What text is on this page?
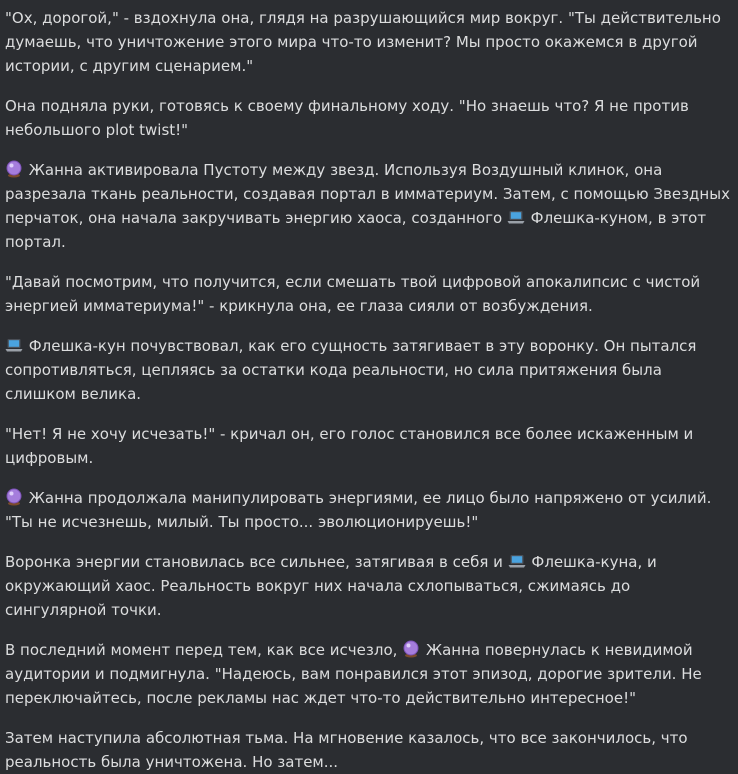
"Ох, дорогой," - вздохнула она, глядя на разрушающийся мир вокруг. "Ты действительно думаешь, что уничтожение этого мира что-то изменит? Мы просто окажемся в другой истории, с другим сценарием."

Она подняла руки, готовясь к своему финальному ходу. "Но знаешь что? Я не против небольшого plot twist!"

Жанна активировала Пустоту между звезд. Используя Воздушный клинок, она разрезала ткань реальности, создавая портал в имматериум. Затем, с помощью Звездных перчаток, она начала закручивать энергию хаоса, созданного
Флешка-куном, в этот портал.

"Давай посмотрим, что получится, если смешать твой цифровой апокалипсис с чистой энергией имматериума!" - крикнула она, ее глаза сияли от возбуждения.

Флешка-кун почувствовал, как его сущность затягивает в эту воронку. Он пытался сопротивляться, цепляясь за остатки кода реальности, но сила притяжения была слишком велика.

"Нет! Я не хочу исчезать!" - кричал он, его голос становился все более искаженным и цифровым.

Жанна продолжала манипулировать энергиями, ее лицо было напряжено от усилий. "Ты не исчезнешь, милый. Ты просто... эволюционируешь!"

Воронка энергии становилась все сильнее, затягивая в себя и
Флешка-куна, и окружающий хаос. Реальность вокруг них начала схлопываться, сжимаясь до сингулярной точки.

В последний момент перед тем, как все исчезло,
Жанна повернулась к невидимой аудитории и подмигнула. "Надеюсь, вам понравился этот эпизод, дорогие зрители. Не переключайтесь, после рекламы нас ждет что-то действительно интересное!"

Затем наступила абсолютная тьма. На мгновение казалось, что все закончилось, что реальность была уничтожена. Но затем...
